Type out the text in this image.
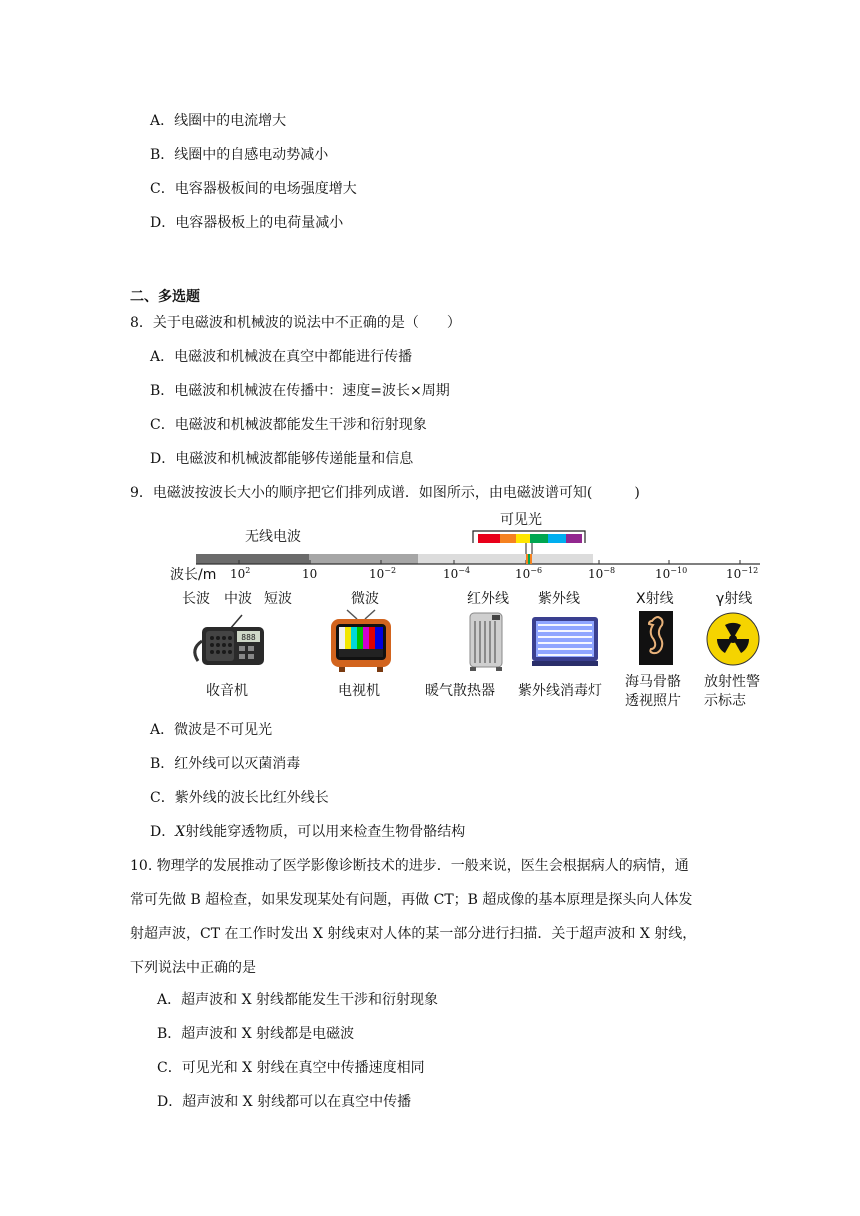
A．线圈中的电流增大
B．线圈中的自感电动势减小
C．电容器极板间的电场强度增大
D．电容器极板上的电荷量减小
二、多选题
8．关于电磁波和机械波的说法中不正确的是（　　）
A．电磁波和机械波在真空中都能进行传播
B．电磁波和机械波在传播中：速度=波长×周期
C．电磁波和机械波都能发生干涉和衍射现象
D．电磁波和机械波都能够传递能量和信息
9．电磁波按波长大小的顺序把它们排列成谱．如图所示，由电磁波谱可知(　　　)
无线电波
可见光
波长/m $10^2$	10	$10^{-2}$	$10^{-4}$	$10^{-6}$	$10^{-8}$	$10^{-10}$	$10^{-12}$
长波 中波 短波	微波	红外线 紫外线	X射线	γ射线
888
收音机	电视机	暖气散热器 紫外线消毒灯
海马骨骼
透视照片
放射性警
示标志
A．微波是不可见光
B．红外线可以灭菌消毒
C．紫外线的波长比红外线长
D．X射线能穿透物质，可以用来检查生物骨骼结构
10. 物理学的发展推动了医学影像诊断技术的进步．一般来说，医生会根据病人的病情，通
常可先做 B 超检查，如果发现某处有问题，再做 CT；B 超成像的基本原理是探头向人体发
射超声波，CT 在工作时发出 X 射线束对人体的某一部分进行扫描．关于超声波和 X 射线，
下列说法中正确的是
A．超声波和 X 射线都能发生干涉和衍射现象
B．超声波和 X 射线都是电磁波
C．可见光和 X 射线在真空中传播速度相同
D．超声波和 X 射线都可以在真空中传播
